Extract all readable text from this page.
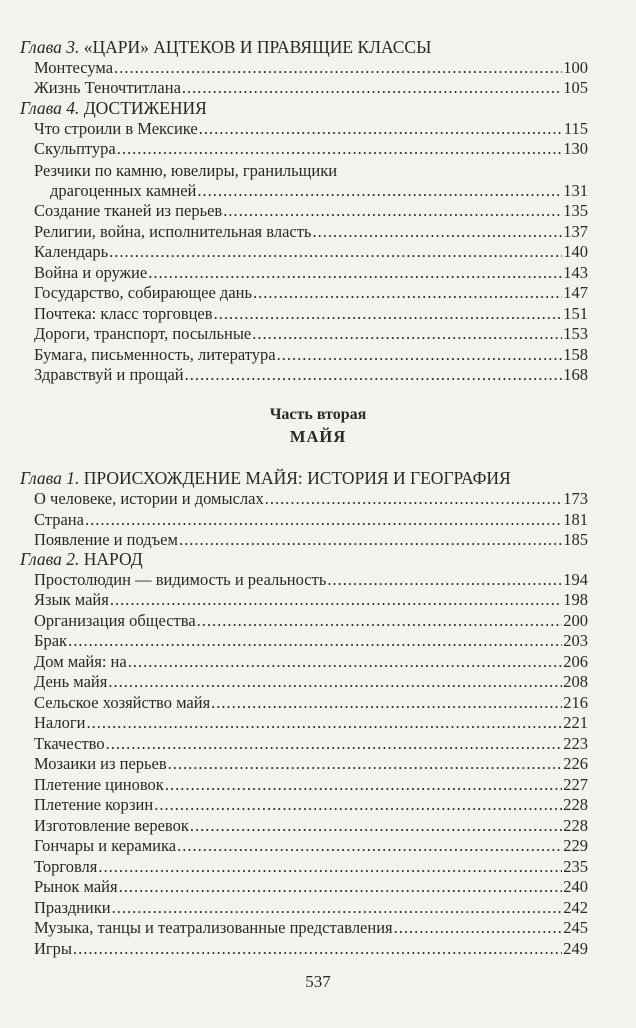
Глава 3. «ЦАРИ» АЦТЕКОВ И ПРАВЯЩИЕ КЛАССЫ
Монтесума .....	100
Жизнь Теночтитлана .....	105
Глава 4. ДОСТИЖЕНИЯ
Что строили в Мексике .....	115
Скульптура .....	130
Резчики по камню, ювелиры, гранильщики
драгоценных камней .....	131
Создание тканей из перьев .....	135
Религии, война, исполнительная власть .....	137
Календарь .....	140
Война и оружие .....	143
Государство, собирающее дань .....	147
Почтека: класс торговцев .....	151
Дороги, транспорт, посыльные .....	153
Бумага, письменность, литература .....	158
Здравствуй и прощай .....	168
Часть вторая
МАЙЯ
Глава 1. ПРОИСХОЖДЕНИЕ МАЙЯ: ИСТОРИЯ И ГЕОГРАФИЯ
О человеке, истории и домыслах .....	173
Страна .....	181
Появление и подъем .....	185
Глава 2. НАРОД
Простолюдин — видимость и реальность .....	194
Язык майя .....	198
Организация общества .....	200
Брак .....	203
Дом майя: на .....	206
День майя .....	208
Сельское хозяйство майя .....	216
Налоги .....	221
Ткачество .....	223
Мозаики из перьев .....	226
Плетение циновок .....	227
Плетение корзин .....	228
Изготовление веревок .....	228
Гончары и керамика .....	229
Торговля .....	235
Рынок майя .....	240
Праздники .....	242
Музыка, танцы и театрализованные представления .....	245
Игры .....	249
537
